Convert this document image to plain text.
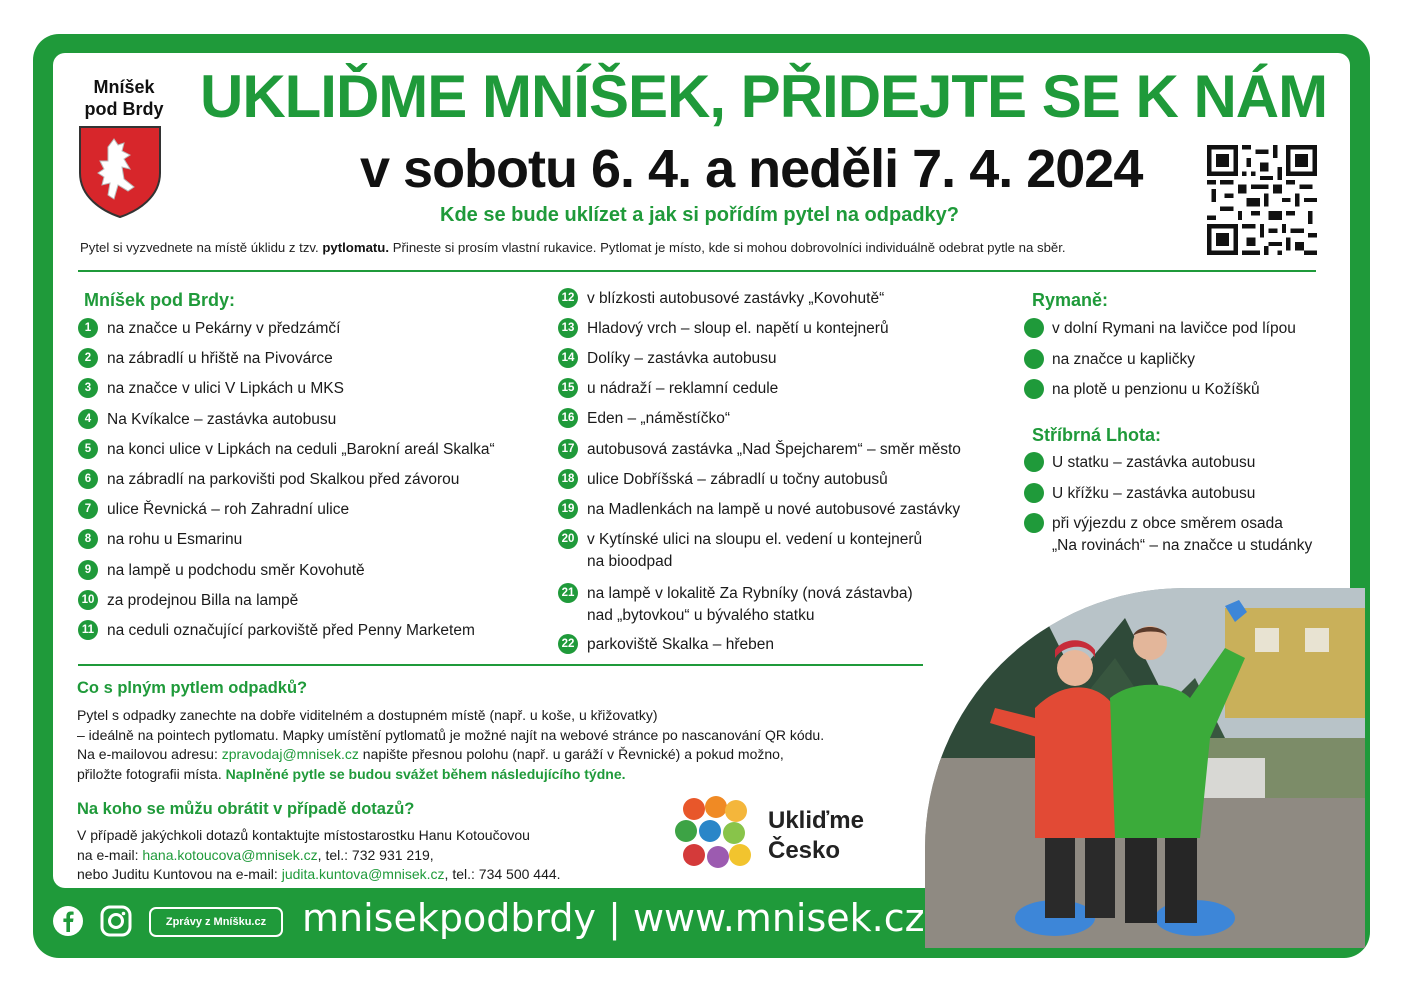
Mníšek
pod Brdy UKLIĎME MNÍŠEK, PŘIDEJTE SE K NÁM
v sobotu 6. 4. a neděli 7. 4. 2024
Kde se bude uklízet a jak si pořídím pytel na odpadky?
Pytel si vyzvednete na místě úklidu z tzv. pytlomatu. Přineste si prosím vlastní rukavice. Pytlomat je místo, kde si mohou dobrovolníci individuálně odebrat pytle na sběr.
Mníšek pod Brdy:
1	na značce u Pekárny v předzámčí
2	na zábradlí u hřiště na Pivovárce
3	na značce v ulici V Lipkách u MKS
4	Na Kvíkalce – zastávka autobusu
5	na konci ulice v Lipkách na ceduli „Barokní areál Skalka“
6	na zábradlí na parkovišti pod Skalkou před závorou
7	ulice Řevnická – roh Zahradní ulice
8	na rohu u Esmarinu
9	na lampě u podchodu směr Kovohutě
10 za prodejnou Billa na lampě
11 na ceduli označující parkoviště před Penny Marketem
12 v blízkosti autobusové zastávky „Kovohutě“
13 Hladový vrch – sloup el. napětí u kontejnerů
14 Dolíky – zastávka autobusu
15 u nádraží – reklamní cedule
16 Eden – „náměstíčko“
17 autobusová zastávka „Nad Špejcharem“ – směr město
18 ulice Dobříšská – zábradlí u točny autobusů
19 na Madlenkách na lampě u nové autobusové zastávky
20 v Kytínské ulici na sloupu el. vedení u kontejnerů
na bioodpad
21 na lampě v lokalitě Za Rybníky (nová zástavba)
nad „bytovkou“ u bývalého statku
22 parkoviště Skalka – hřeben
Rymaně:
v dolní Rymani na lavičce pod lípou
na značce u kapličky
na plotě u penzionu u Kožíšků
Stříbrná Lhota:
U statku – zastávka autobusu
U křížku – zastávka autobusu
při výjezdu z obce směrem osada
„Na rovinách“ – na značce u studánky
Co s plným pytlem odpadků?
Pytel s odpadky zanechte na dobře viditelném a dostupném místě (např. u koše, u křižovatky)
– ideálně na pointech pytlomatu. Mapky umístění pytlomatů je možné najít na webové stránce po nascanování QR kódu.
Na e-mailovou adresu: zpravodaj@mnisek.cz napište přesnou polohu (např. u garáží v Řevnické) a pokud možno,
přiložte fotografii místa. Naplněné pytle se budou svážet během následujícího týdne.
Na koho se můžu obrátit v případě dotazů?
V případě jakýchkoli dotazů kontaktujte místostarostku Hanu Kotoučovou
na e-mail: hana.kotoucova@mnisek.cz, tel.: 732 931 219,
nebo Juditu Kuntovou na e-mail: judita.kuntova@mnisek.cz, tel.: 734 500 444.
Ukliďme
Česko
Zprávy z Mníšku.cz mnisekpodbrdy | www.mnisek.cz
